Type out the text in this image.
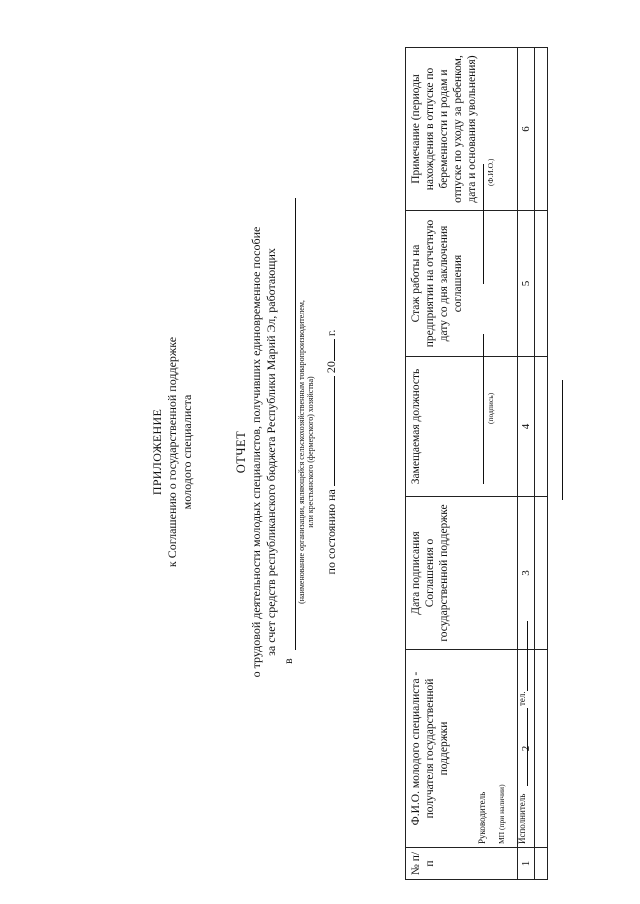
ПРИЛОЖЕНИЕ к Соглашению о государственной поддержке молодого специалиста	ОТЧЕТ о трудовой деятельности молодых специалистов, получивших единовременное пособие за счет средств республиканского бюджета Республики Марий Эл, работающих
в
(наименование организации, являющейся сельскохозяйственным товаропроизводителем, или крестьянского (фермерского) хозяйства)
по состоянию на  20 г.
№ п/п	Ф.И.О. молодого специалиста - получателя государственной поддержки	Дата подписания Соглашения о государственной поддержке	Замещаемая должность	Стаж работы на предприятии на отчетную дату со дня заключения соглашения	Примечание (периоды нахождения в отпуске по беременности и родам и отпуске по уходу за ребенком, дата и основания увольнения)
1	2	3	4	5	6

Руководитель
(подпись)
(Ф.И.О.)
МП (при наличии) Исполнитель
тел.
